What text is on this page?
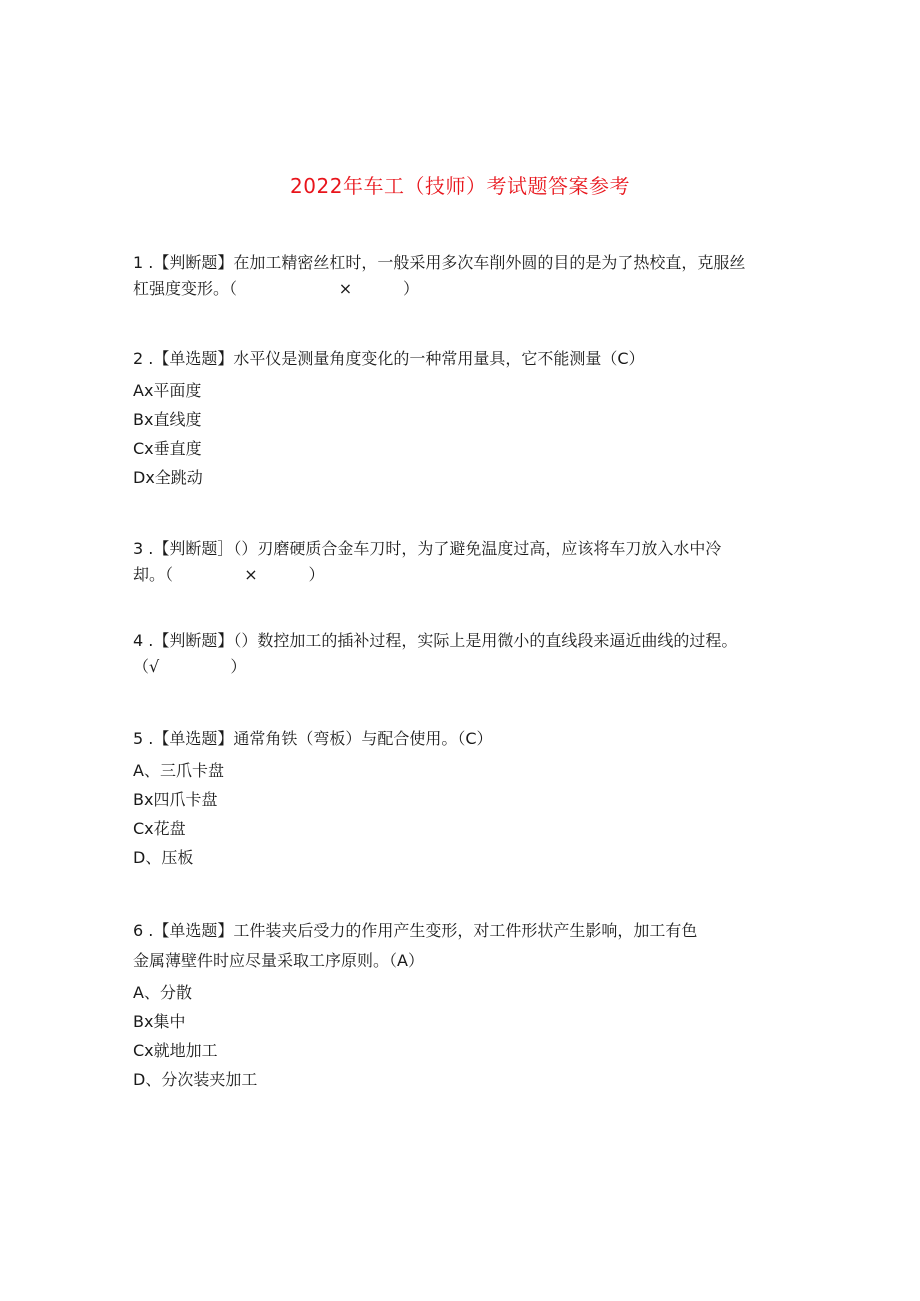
2022年车工（技师）考试题答案参考
1 .【判断题】在加工精密丝杠时，一般采用多次车削外圆的目的是为了热校直，克服丝
杠强度变形。（                    ×          ）
2 .【单选题】水平仪是测量角度变化的一种常用量具，它不能测量（C）
Ax平面度
Bx直线度
Cx垂直度
Dx全跳动
3 .【判断题］（）刃磨硬质合金车刀时，为了避免温度过高，应该将车刀放入水中冷
却。（              ×          ）
4 .【判断题】（）数控加工的插补过程，实际上是用微小的直线段来逼近曲线的过程。
（√              ）
5 .【单选题】通常角铁（弯板）与配合使用。（C）
A、三爪卡盘
Bx四爪卡盘
Cx花盘
D、压板
6 .【单选题】工件装夹后受力的作用产生变形，对工件形状产生影响，加工有色
金属薄壁件时应尽量采取工序原则。（A）
A、分散
Bx集中
Cx就地加工
D、分次装夹加工
